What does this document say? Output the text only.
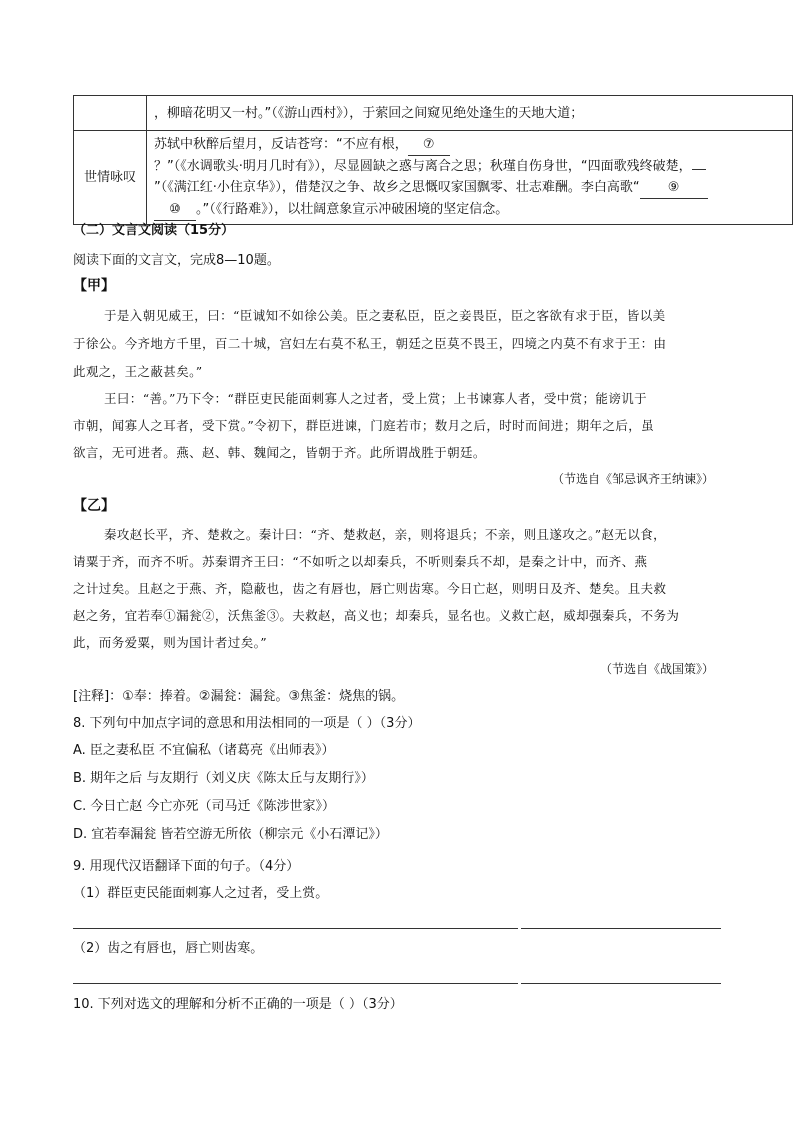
	，柳暗花明又一村。”（《游山西村》），于萦回之间窥见绝处逢生的天地大道；
世情咏叹	苏轼中秋醉后望月，反诘苍穹：“不应有根， ⑦
？”（《水调歌头·明月几时有》），尽显圆缺之惑与离合之思；秋瑾自伤身世，“四面歌残终破楚，
”（《满江红·小住京华》），借楚汉之争、故乡之思慨叹家国飘零、壮志难酬。李白高歌“ ⑨
⑩ 。”（《行路难》），以壮阔意象宣示冲破困境的坚定信念。
（二）文言文阅读（15分）
阅读下面的文言文，完成8—10题。
【甲】
于是入朝见威王，曰：“臣诚知不如徐公美。臣之妻私臣，臣之妾畏臣，臣之客欲有求于臣，皆以美
于徐公。今齐地方千里，百二十城，宫妇左右莫不私王，朝廷之臣莫不畏王，四境之内莫不有求于王：由
此观之，王之蔽甚矣。”
王曰：“善。”乃下令：“群臣吏民能面刺寡人之过者，受上赏；上书谏寡人者，受中赏；能谤讥于
市朝，闻寡人之耳者，受下赏。”令初下，群臣进谏，门庭若市；数月之后，时时而间进；期年之后，虽
欲言，无可进者。燕、赵、韩、魏闻之，皆朝于齐。此所谓战胜于朝廷。
（节选自《邹忌讽齐王纳谏》）
【乙】
秦攻赵长平，齐、楚救之。秦计曰：“齐、楚救赵，亲，则将退兵；不亲，则且遂攻之。”赵无以食，
请粟于齐，而齐不听。苏秦谓齐王曰：“不如听之以却秦兵，不听则秦兵不却，是秦之计中，而齐、燕
之计过矣。且赵之于燕、齐，隐蔽也，齿之有唇也，唇亡则齿寒。今日亡赵，则明日及齐、楚矣。且夫救
赵之务，宜若奉①漏瓮②，沃焦釜③。夫救赵，高义也；却秦兵，显名也。义救亡赵，威却强秦兵，不务为
此，而务爱粟，则为国计者过矣。”
（节选自《战国策》）
[注释]：①奉：捧着。②漏瓮：漏瓮。③焦釜：烧焦的锅。
8. 下列句中加点字词的意思和用法相同的一项是（ ）（3分）
A. 臣之妻私臣 不宜偏私（诸葛亮《出师表》）
B. 期年之后 与友期行（刘义庆《陈太丘与友期行》）
C. 今日亡赵 今亡亦死（司马迁《陈涉世家》）
D. 宜若奉漏瓮 皆若空游无所依（柳宗元《小石潭记》）
9. 用现代汉语翻译下面的句子。（4分）
（1）群臣吏民能面刺寡人之过者，受上赏。
（2）齿之有唇也，唇亡则齿寒。
10. 下列对选文的理解和分析不正确的一项是（ ）（3分）
